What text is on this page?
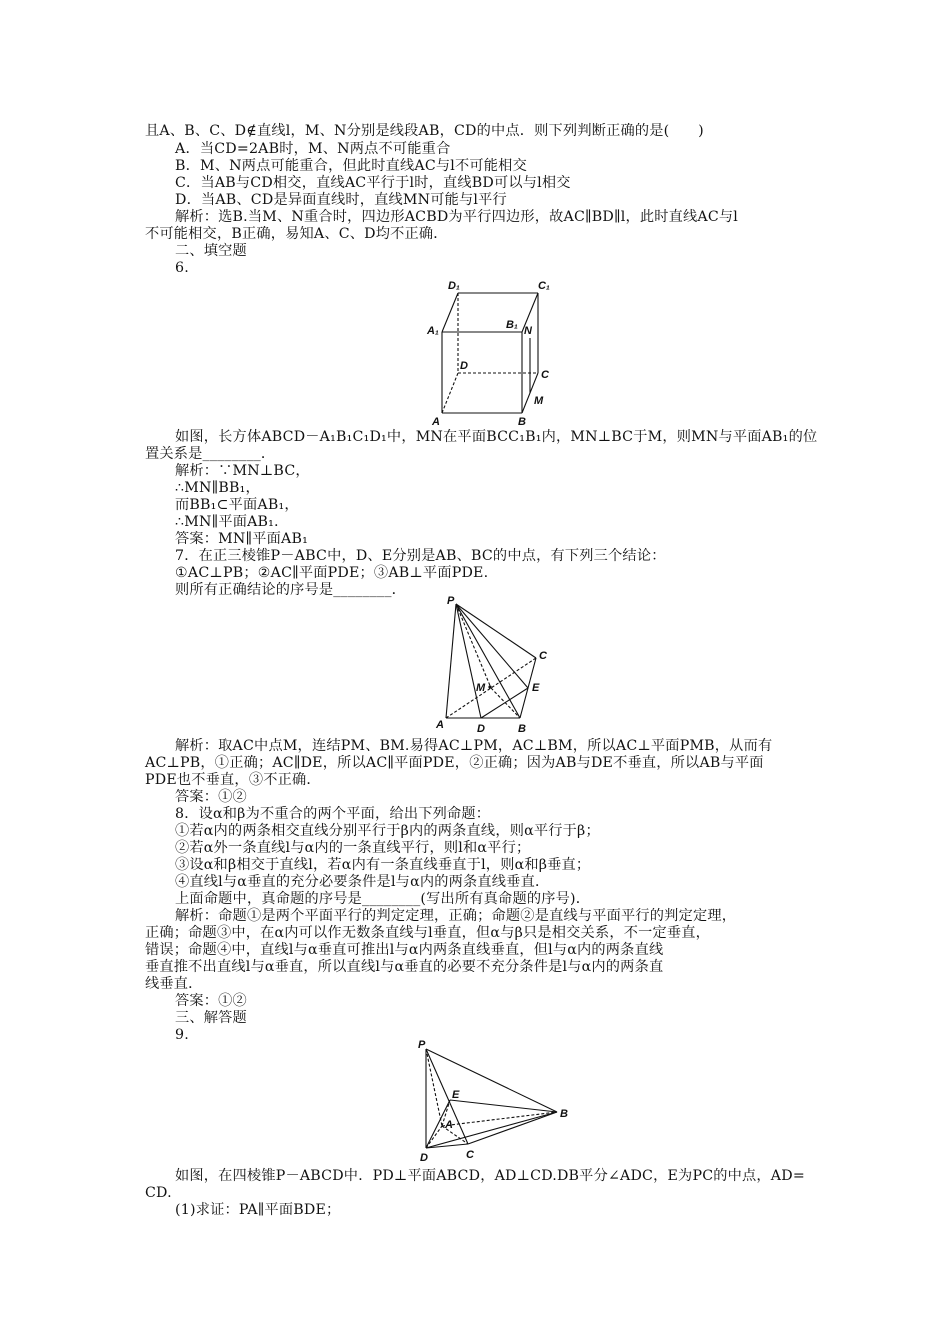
且A、B、C、D∉直线l，M、N分别是线段AB，CD的中点．则下列判断正确的是(　　)
A．当CD=2AB时，M、N两点不可能重合
B．M、N两点可能重合，但此时直线AC与l不可能相交
C．当AB与CD相交，直线AC平行于l时，直线BD可以与l相交
D．当AB、CD是异面直线时，直线MN可能与l平行
解析：选B.当M、N重合时，四边形ACBD为平行四边形，故AC∥BD∥l，此时直线AC与l
不可能相交，B正确，易知A、C、D均不正确．
二、填空题
6.
如图，长方体ABCD－A₁B₁C₁D₁中，MN在平面BCC₁B₁内，MN⊥BC于M，则MN与平面AB₁的位
置关系是________．
解析：∵MN⊥BC，
∴MN∥BB₁，
而BB₁⊂平面AB₁，
∴MN∥平面AB₁.
答案：MN∥平面AB₁
7．在正三棱锥P－ABC中，D、E分别是AB、BC的中点，有下列三个结论：
①AC⊥PB；②AC∥平面PDE；③AB⊥平面PDE.
则所有正确结论的序号是________．
解析：取AC中点M，连结PM、BM.易得AC⊥PM，AC⊥BM，所以AC⊥平面PMB，从而有
AC⊥PB，①正确；AC∥DE，所以AC∥平面PDE，②正确；因为AB与DE不垂直，所以AB与平面
PDE也不垂直，③不正确．
答案：①②
8．设α和β为不重合的两个平面，给出下列命题：
①若α内的两条相交直线分别平行于β内的两条直线，则α平行于β；
②若α外一条直线l与α内的一条直线平行，则l和α平行；
③设α和β相交于直线l，若α内有一条直线垂直于l，则α和β垂直；
④直线l与α垂直的充分必要条件是l与α内的两条直线垂直．
上面命题中，真命题的序号是________(写出所有真命题的序号)．
解析：命题①是两个平面平行的判定定理，正确；命题②是直线与平面平行的判定定理，
正确；命题③中，在α内可以作无数条直线与l垂直，但α与β只是相交关系，不一定垂直，
错误；命题④中，直线l与α垂直可推出l与α内两条直线垂直，但l与α内的两条直线
垂直推不出直线l与α垂直，所以直线l与α垂直的必要不充分条件是l与α内的两条直
线垂直．
答案：①②
三、解答题
9.
如图，在四棱锥P－ABCD中．PD⊥平面ABCD，AD⊥CD.DB平分∠ADC，E为PC的中点，AD=
CD.
(1)求证：PA∥平面BDE；
D₁	C₁
A₁	B₁ N
D
C
A	B
M
P
C
E
M
A	D	B
P
E
B
A
D	C
